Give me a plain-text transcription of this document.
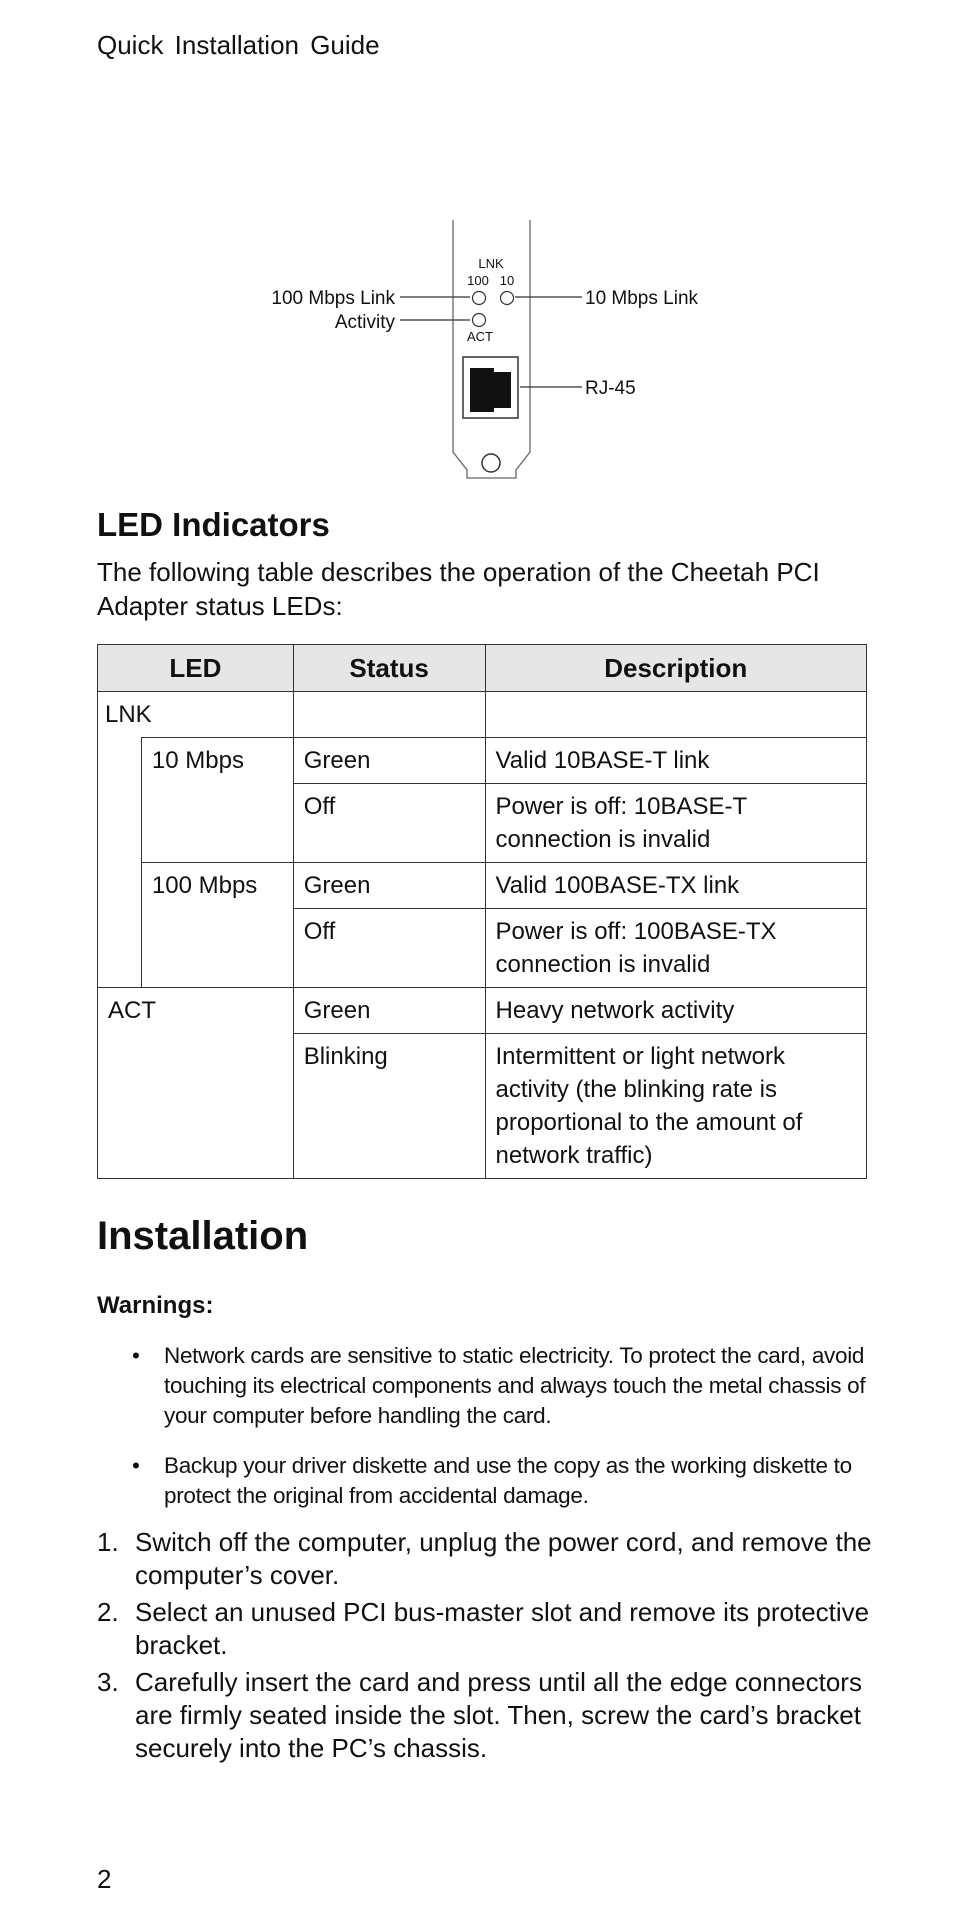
Quick Installation Guide
LNK
100 10
ACT
100 Mbps Link
Activity
10 Mbps Link
RJ-45
LED Indicators

The following table describes the operation of the Cheetah PCI Adapter status LEDs:

LED		Status	Description

LNK			

	10 Mbps	Green	Valid 10BASE-T link

		Off	Power is off: 10BASE-T connection is invalid

	100 Mbps	Green	Valid 100BASE-TX link

		Off	Power is off: 100BASE-TX connection is invalid

ACT		Green	Heavy network activity

		Blinking	Intermittent or light network activity (the blinking rate is proportional to the amount of network traffic)
Installation
Warnings:
• Network cards are sensitive to static electricity. To protect the card, avoid touching its electrical components and always touch the metal chassis of your computer before handling the card.
• Backup your driver diskette and use the copy as the working diskette to protect the original from accidental damage.
1. Switch off the computer, unplug the power cord, and remove the computer’s cover.
2. Select an unused PCI bus-master slot and remove its protective bracket.
3. Carefully insert the card and press until all the edge connectors are firmly seated inside the slot. Then, screw the card’s bracket securely into the PC’s chassis.
2
